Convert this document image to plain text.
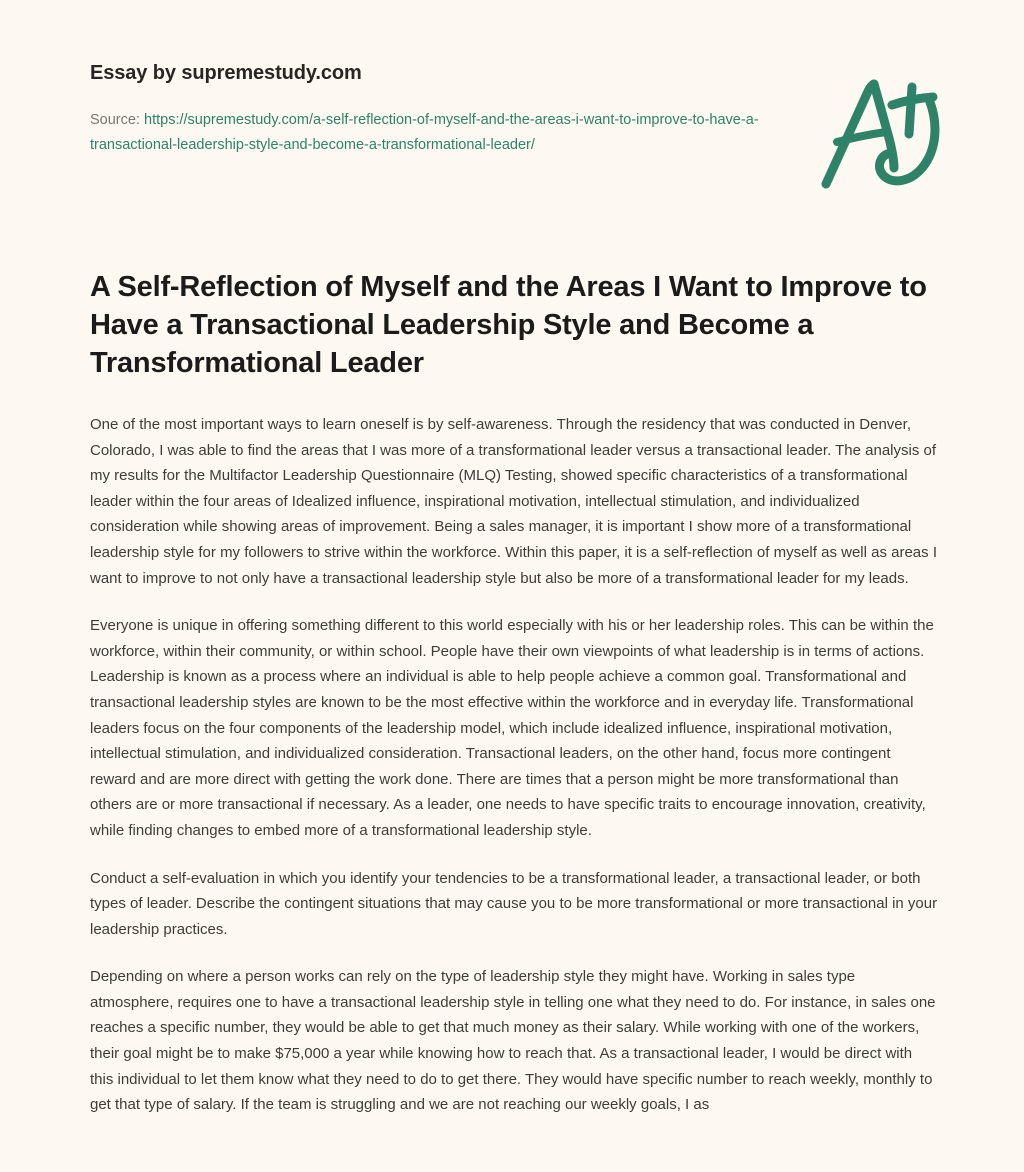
Essay by supremestudy.com
Source: https://supremestudy.com/a-self-reflection-of-myself-and-the-areas-i-want-to-improve-to-have-a-transactional-leadership-style-and-become-a-transformational-leader/
A Self-Reflection of Myself and the Areas I Want to Improve to Have a Transactional Leadership Style and Become a Transformational Leader

One of the most important ways to learn oneself is by self-awareness. Through the residency that was conducted in Denver, Colorado, I was able to find the areas that I was more of a transformational leader versus a transactional leader. The analysis of my results for the Multifactor Leadership Questionnaire (MLQ) Testing, showed specific characteristics of a transformational leader within the four areas of Idealized influence, inspirational motivation, intellectual stimulation, and individualized consideration while showing areas of improvement. Being a sales manager, it is important I show more of a transformational leadership style for my followers to strive within the workforce. Within this paper, it is a self-reflection of myself as well as areas I want to improve to not only have a transactional leadership style but also be more of a transformational leader for my leads.

Everyone is unique in offering something different to this world especially with his or her leadership roles. This can be within the workforce, within their community, or within school. People have their own viewpoints of what leadership is in terms of actions. Leadership is known as a process where an individual is able to help people achieve a common goal. Transformational and transactional leadership styles are known to be the most effective within the workforce and in everyday life. Transformational leaders focus on the four components of the leadership model, which include idealized influence, inspirational motivation, intellectual stimulation, and individualized consideration. Transactional leaders, on the other hand, focus more contingent reward and are more direct with getting the work done. There are times that a person might be more transformational than others are or more transactional if necessary. As a leader, one needs to have specific traits to encourage innovation, creativity, while finding changes to embed more of a transformational leadership style.

Conduct a self-evaluation in which you identify your tendencies to be a transformational leader, a transactional leader, or both types of leader. Describe the contingent situations that may cause you to be more transformational or more transactional in your leadership practices.

Depending on where a person works can rely on the type of leadership style they might have. Working in sales type atmosphere, requires one to have a transactional leadership style in telling one what they need to do. For instance, in sales one reaches a specific number, they would be able to get that much money as their salary. While working with one of the workers, their goal might be to make $75,000 a year while knowing how to reach that. As a transactional leader, I would be direct with this individual to let them know what they need to do to get there. They would have specific number to reach weekly, monthly to get that type of salary. If the team is struggling and we are not reaching our weekly goals, I as
